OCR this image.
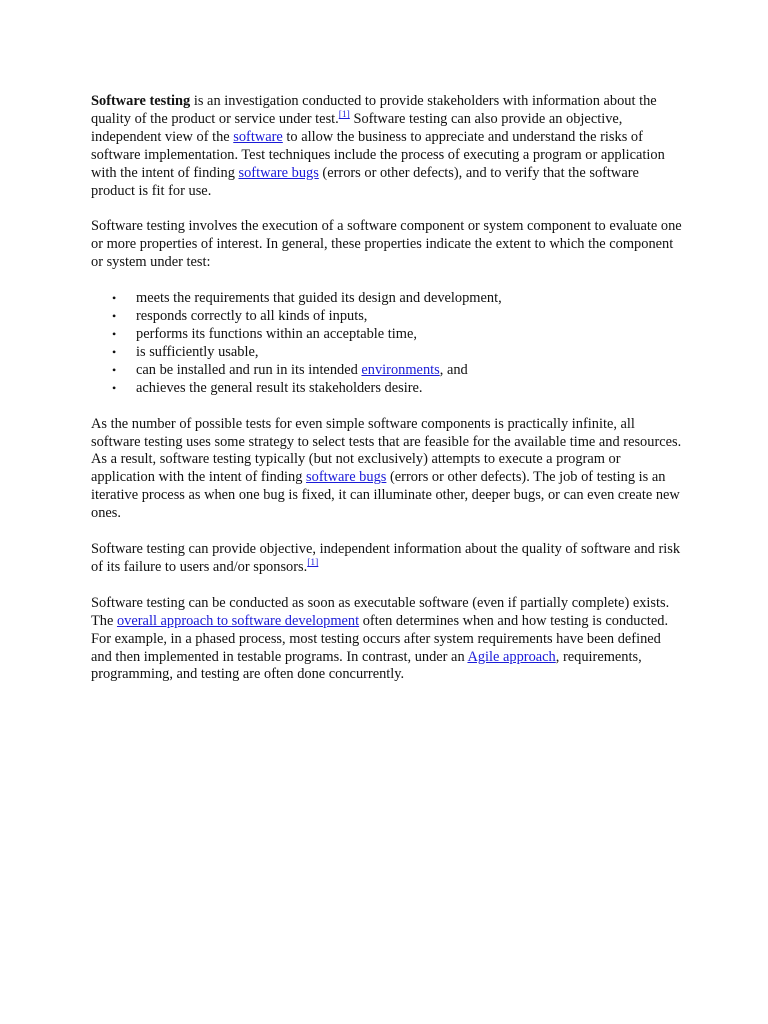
Software testing is an investigation conducted to provide stakeholders with information about the quality of the product or service under test.[1] Software testing can also provide an objective, independent view of the software to allow the business to appreciate and understand the risks of software implementation. Test techniques include the process of executing a program or application with the intent of finding software bugs (errors or other defects), and to verify that the software product is fit for use.

Software testing involves the execution of a software component or system component to evaluate one or more properties of interest. In general, these properties indicate the extent to which the component or system under test:

• meets the requirements that guided its design and development,
• responds correctly to all kinds of inputs,
• performs its functions within an acceptable time,
• is sufficiently usable,
• can be installed and run in its intended environments, and
• achieves the general result its stakeholders desire.

As the number of possible tests for even simple software components is practically infinite, all software testing uses some strategy to select tests that are feasible for the available time and resources. As a result, software testing typically (but not exclusively) attempts to execute a program or application with the intent of finding software bugs (errors or other defects). The job of testing is an iterative process as when one bug is fixed, it can illuminate other, deeper bugs, or can even create new ones.

Software testing can provide objective, independent information about the quality of software and risk of its failure to users and/or sponsors.[1]

Software testing can be conducted as soon as executable software (even if partially complete) exists. The overall approach to software development often determines when and how testing is conducted. For example, in a phased process, most testing occurs after system requirements have been defined and then implemented in testable programs. In contrast, under an Agile approach, requirements, programming, and testing are often done concurrently.
